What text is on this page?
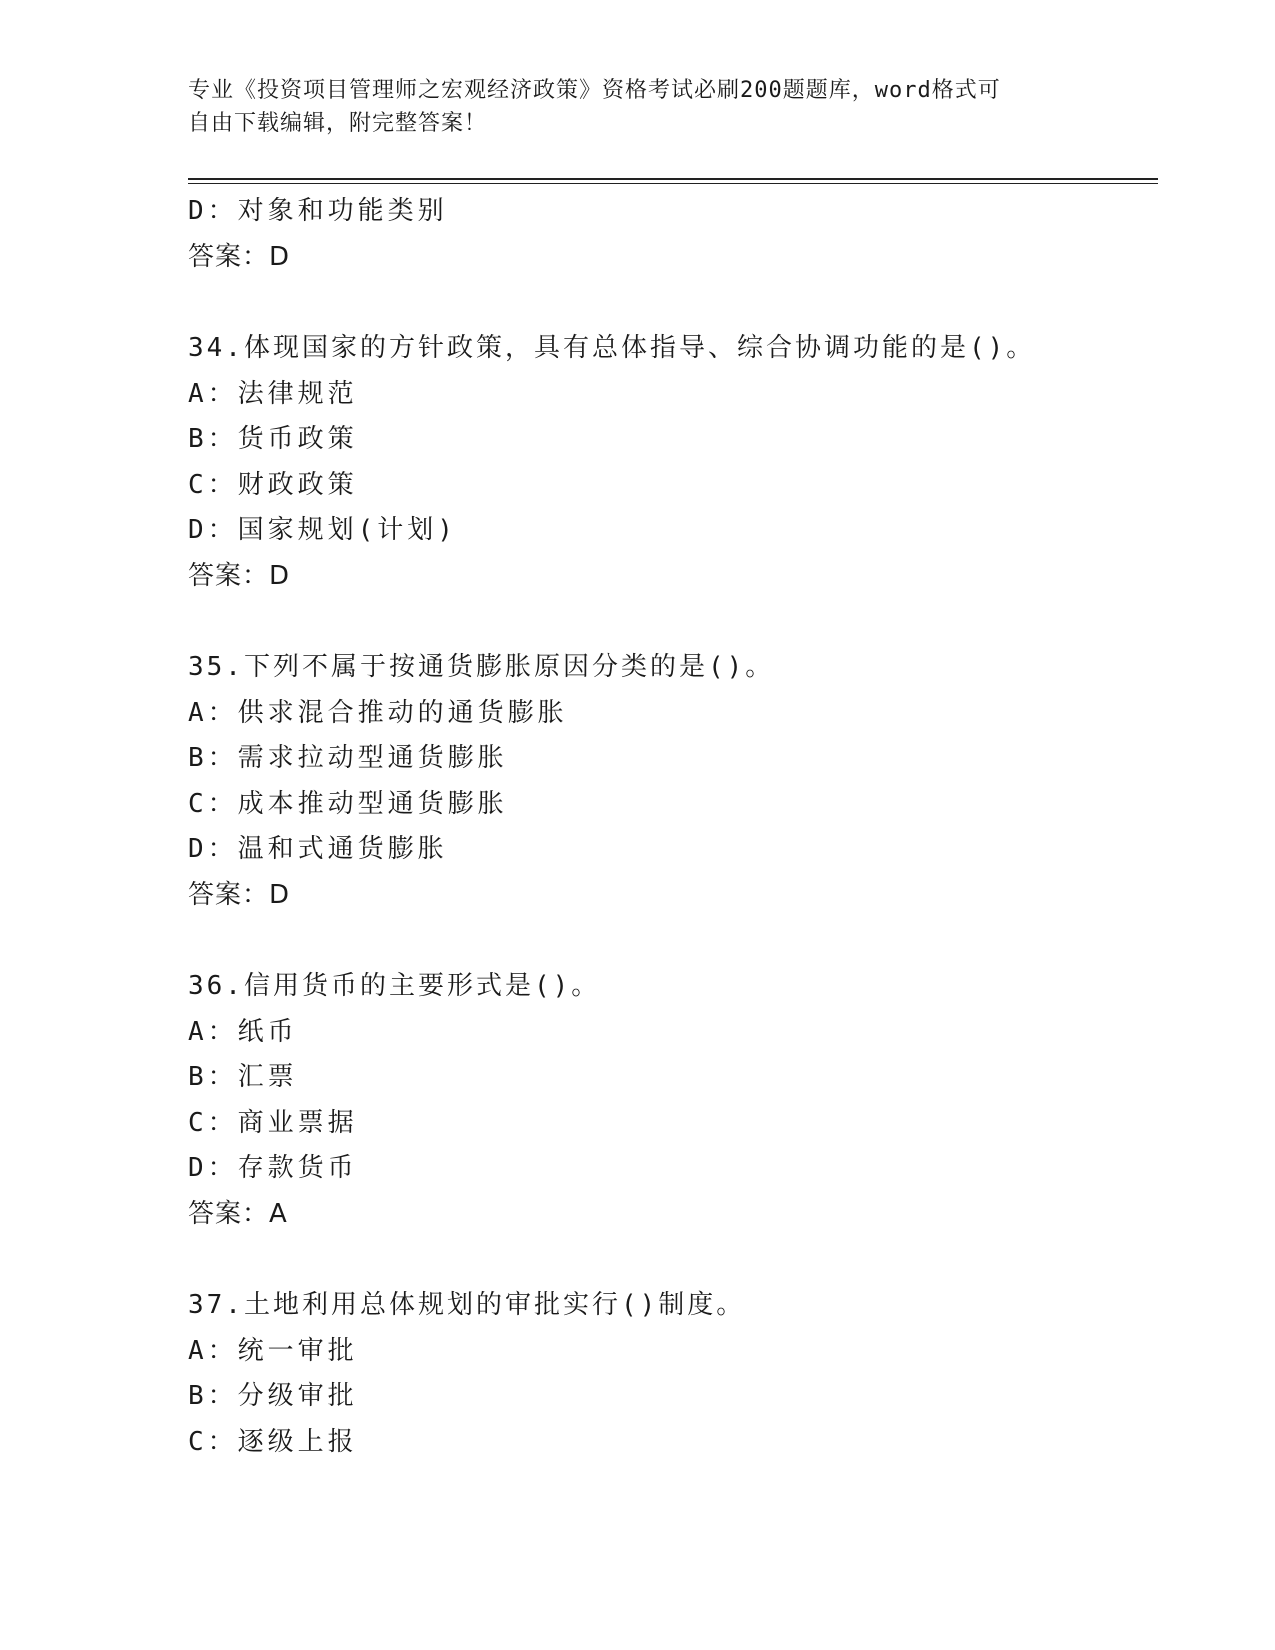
专业《投资项目管理师之宏观经济政策》资格考试必刷200题题库，word格式可
自由下载编辑，附完整答案！
D：对象和功能类别
答案：D
34.体现国家的方针政策，具有总体指导、综合协调功能的是()。
A：法律规范
B：货币政策
C：财政政策
D：国家规划(计划)
答案：D
35.下列不属于按通货膨胀原因分类的是()。
A：供求混合推动的通货膨胀
B：需求拉动型通货膨胀
C：成本推动型通货膨胀
D：温和式通货膨胀
答案：D
36.信用货币的主要形式是()。
A：纸币
B：汇票
C：商业票据
D：存款货币
答案：A
37.土地利用总体规划的审批实行()制度。
A：统一审批
B：分级审批
C：逐级上报
